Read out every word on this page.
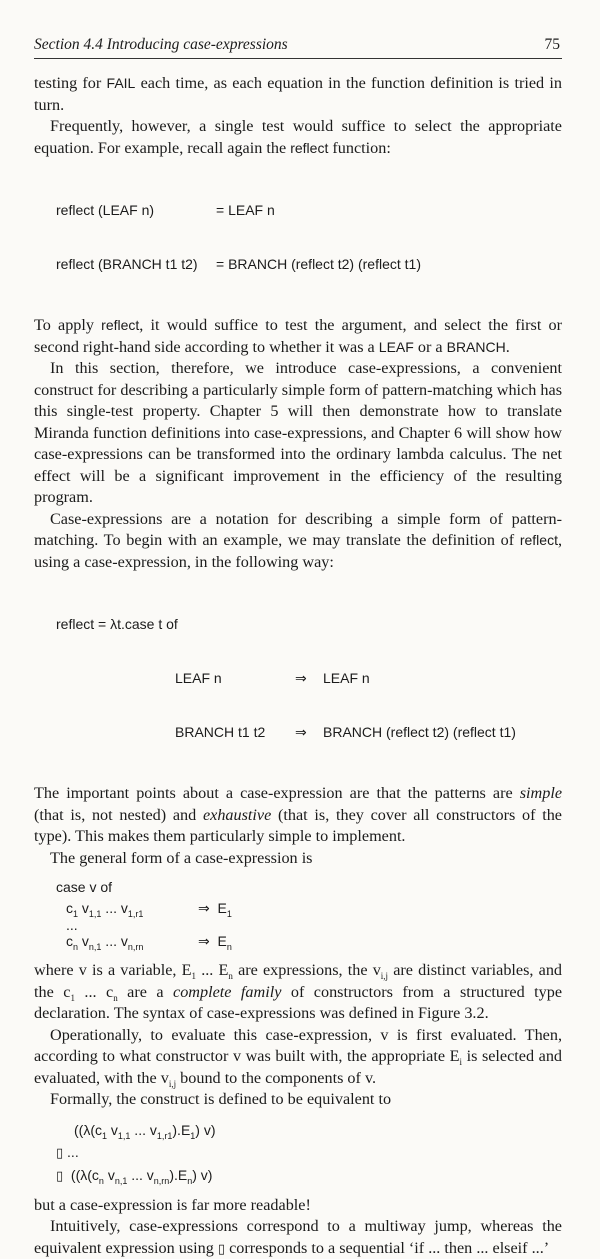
Section 4.4 Introducing case-expressions	75

testing for FAIL each time, as each equation in the function definition is tried in turn.

Frequently, however, a single test would suffice to select the appropriate equation. For example, recall again the reflect function:

reflect (LEAF n)	= LEAF n

reflect (BRANCH t1 t2)	= BRANCH (reflect t2) (reflect t1)

To apply reflect, it would suffice to test the argument, and select the first or second right-hand side according to whether it was a LEAF or a BRANCH.

In this section, therefore, we introduce case-expressions, a convenient construct for describing a particularly simple form of pattern-matching which has this single-test property. Chapter 5 will then demonstrate how to translate Miranda function definitions into case-expressions, and Chapter 6 will show how case-expressions can be transformed into the ordinary lambda calculus. The net effect will be a significant improvement in the efficiency of the resulting program.

Case-expressions are a notation for describing a simple form of pattern-matching. To begin with an example, we may translate the definition of reflect, using a case-expression, in the following way:

reflect = λt.case t of

LEAF n	⇒	LEAF n

BRANCH t1 t2	⇒	BRANCH (reflect t2) (reflect t1)

The important points about a case-expression are that the patterns are simple (that is, not nested) and exhaustive (that is, they cover all constructors of the type). This makes them particularly simple to implement.

The general form of a case-expression is

case v of
$c_1$ $v_{1,1}$ ... $v_{1,r1}$	⇒  $E_1$
...
$c_n$ $v_{n,1}$ ... $v_{n,rn}$	⇒  $E_n$

where v is a variable, $E_1$ ... $E_n$ are expressions, the $v_{i,j}$ are distinct variables, and the $c_1$ ... $c_n$ are a complete family of constructors from a structured type declaration. The syntax of case-expressions was defined in Figure 3.2.

Operationally, to evaluate this case-expression, v is first evaluated. Then, according to what constructor v was built with, the appropriate $E_i$ is selected and evaluated, with the $v_{i,j}$ bound to the components of v.

Formally, the construct is defined to be equivalent to

(($\lambda(c_1$ $v_{1,1}$ ... $v_{1,r1}).E_1$) v)
▯ ...
▯  (($\lambda(c_n$ $v_{n,1}$ ... $v_{n,rn}).E_n$) v)

but a case-expression is far more readable!

Intuitively, case-expressions correspond to a multiway jump, whereas the equivalent expression using ▯ corresponds to a sequential ‘if ... then ... elseif ...’
